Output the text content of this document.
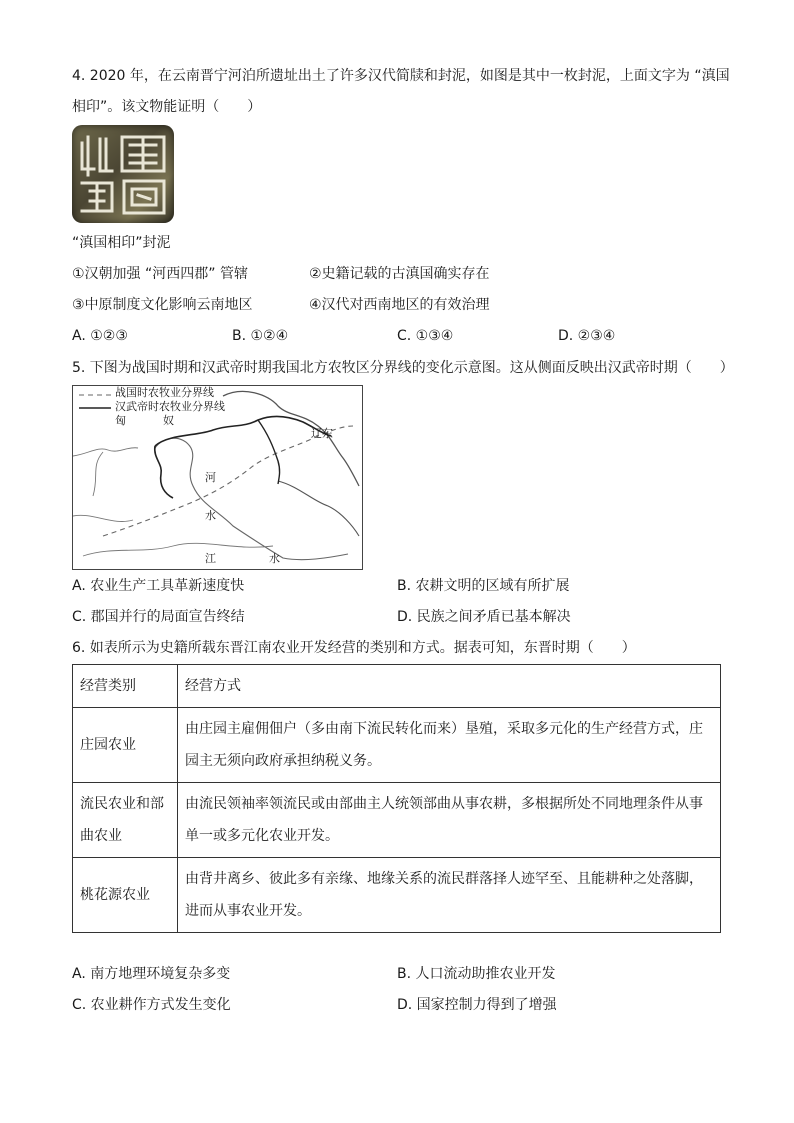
4. 2020 年，在云南晋宁河泊所遗址出土了许多汉代简牍和封泥，如图是其中一枚封泥，上面文字为 “滇国
相印”。该文物能证明（　　）
“滇国相印”封泥
①汉朝加强 “河西四郡” 管辖	②史籍记载的古滇国确实存在
③中原制度文化影响云南地区	④汉代对西南地区的有效治理
A. ①②③	B. ①②④	C. ①③④	D. ②③④
5. 下图为战国时期和汉武帝时期我国北方农牧区分界线的变化示意图。这从侧面反映出汉武帝时期（　　）
战国时农牧业分界线
汉武帝时农牧业分界线
匈	奴
辽东
河
水
江	水
A. 农业生产工具革新速度快	B. 农耕文明的区域有所扩展
C. 郡国并行的局面宣告终结	D. 民族之间矛盾已基本解决
6. 如表所示为史籍所载东晋江南农业开发经营的类别和方式。据表可知，东晋时期（　　）
经营类别	经营方式
庄园农业	由庄园主雇佣佃户（多由南下流民转化而来）垦殖，采取多元化的生产经营方式，庄园主无须向政府承担纳税义务。
流民农业和部曲农业	由流民领袖率领流民或由部曲主人统领部曲从事农耕，多根据所处不同地理条件从事单一或多元化农业开发。
桃花源农业	由背井离乡、彼此多有亲缘、地缘关系的流民群落择人迹罕至、且能耕种之处落脚，进而从事农业开发。
A. 南方地理环境复杂多变	B. 人口流动助推农业开发
C. 农业耕作方式发生变化	D. 国家控制力得到了增强
